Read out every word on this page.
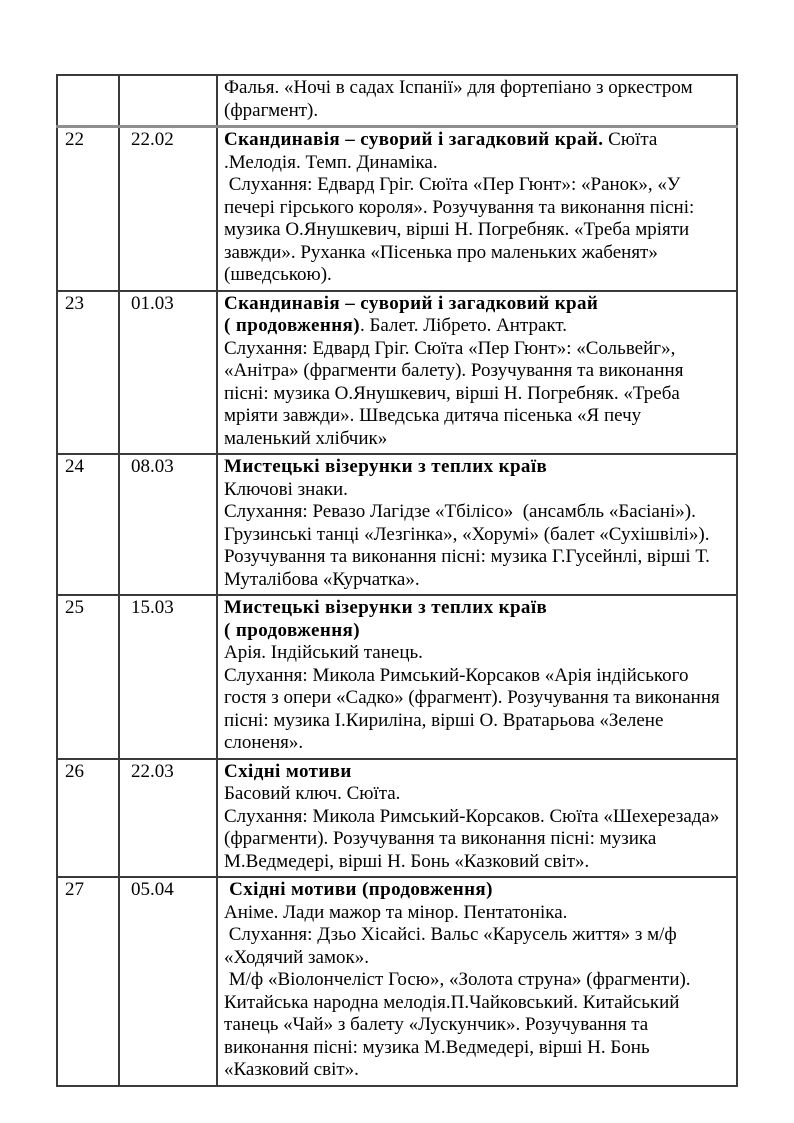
		Фалья. «Ночі в садах Іспанії» для фортепіано з оркестром (фрагмент).

22	22.02	Скандинавія – суворий і загадковий край. Сюїта .Мелодія. Темп. Динаміка.

Слухання: Едвард Гріг. Сюїта «Пер Гюнт»: «Ранок», «У печері гірського короля». Розучування та виконання пісні: музика О.Янушкевич, вірші Н. Погребняк. «Треба мріяти завжди». Руханка «Пісенька про маленьких жабенят» (шведською).

23	01.03	Скандинавія – суворий і загадковий край

( продовження). Балет. Лібрето. Антракт.

Слухання: Едвард Гріг. Сюїта «Пер Гюнт»: «Сольвейг», «Анітра» (фрагменти балету). Розучування та виконання пісні: музика О.Янушкевич, вірші Н. Погребняк. «Треба мріяти завжди». Шведська дитяча пісенька «Я печу маленький хлібчик»

24	08.03	Мистецькі візерунки з теплих країв

Ключові знаки.

Слухання: Ревазо Лагідзе «Тбілісо»  (ансамбль «Басіані»).

Грузинські танці «Лезгінка», «Хорумі» (балет «Сухішвілі»).

Розучування та виконання пісні: музика Г.Гусейнлі, вірші Т. Муталібова «Курчатка».

25	15.03	Мистецькі візерунки з теплих країв

( продовження)

Арія. Індійський танець.

Слухання: Микола Римський-Корсаков «Арія індійського гостя з опери «Садко» (фрагмент). Розучування та виконання пісні: музика І.Кириліна, вірші О. Вратарьова «Зелене слоненя».

26	22.03	Східні мотиви

Басовий ключ. Сюїта.

Слухання: Микола Римський-Корсаков. Сюїта «Шехерезада» (фрагменти). Розучування та виконання пісні: музика М.Ведмедері, вірші Н. Бонь «Казковий світ».

27	05.04	Східні мотиви (продовження)

Аніме. Лади мажор та мінор. Пентатоніка.

Слухання: Дзьо Хісайсі. Вальс «Карусель життя» з м/ф «Ходячий замок».

М/ф «Віолончеліст Госю», «Золота струна» (фрагменти). Китайська народна мелодія.П.Чайковський. Китайський танець «Чай» з балету «Лускунчик». Розучування та виконання пісні: музика М.Ведмедері, вірші Н. Бонь «Казковий світ».
